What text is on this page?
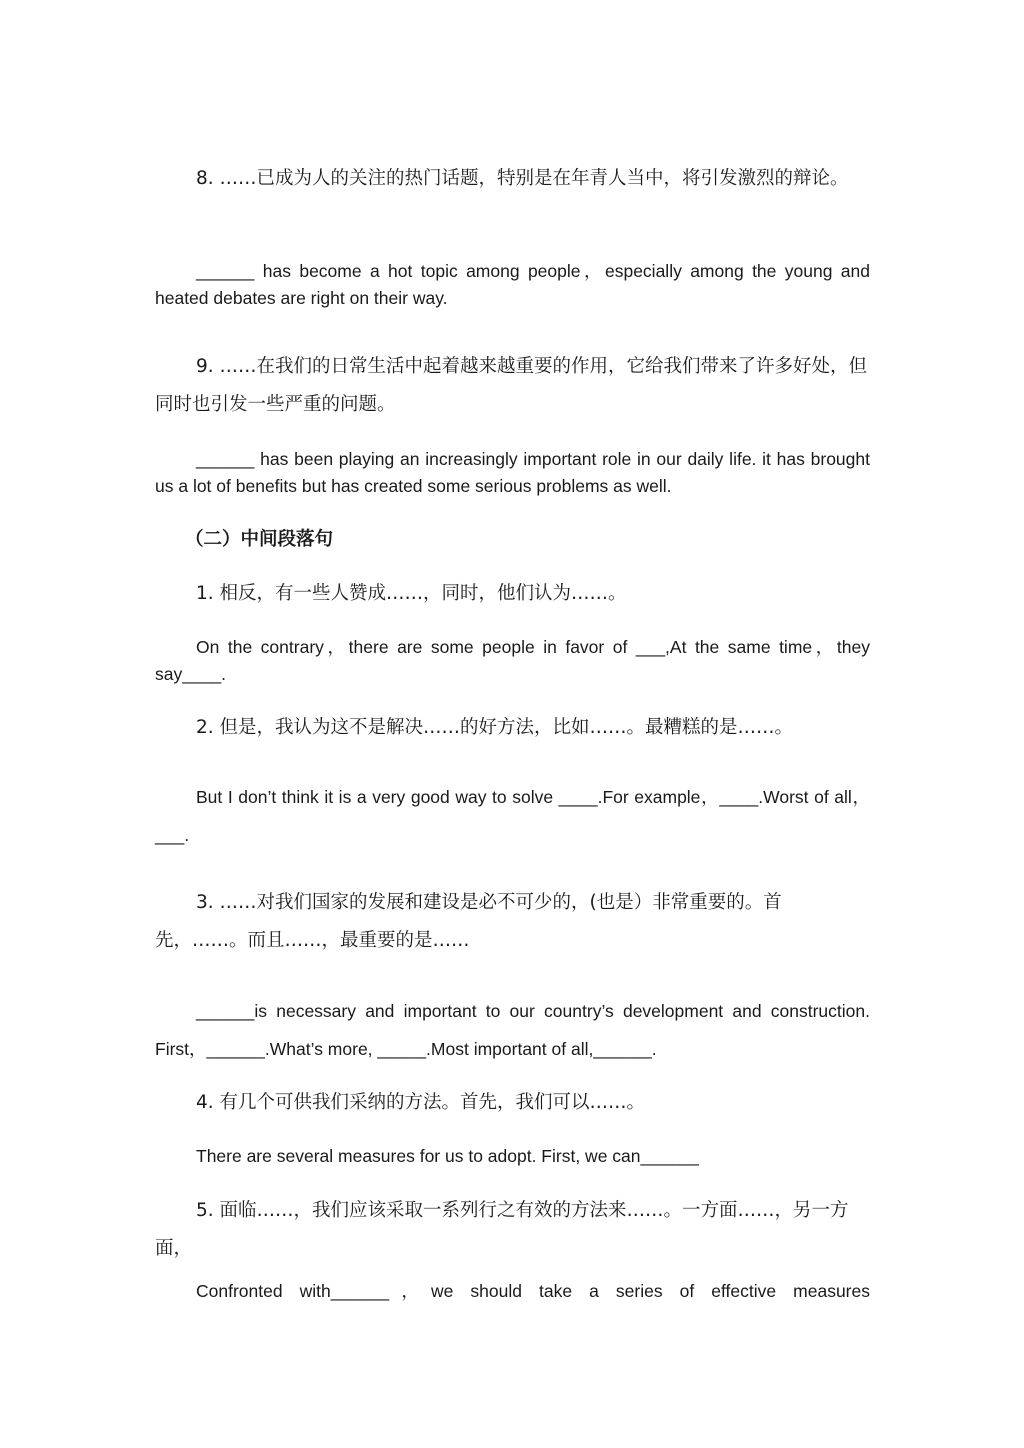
8. ……已成为人的关注的热门话题，特别是在年青人当中，将引发激烈的辩论。

______ has become a hot topic among people，especially among the young and heated debates are right on their way.

9. ……在我们的日常生活中起着越来越重要的作用，它给我们带来了许多好处，但同时也引发一些严重的问题。

______ has been playing an increasingly important role in our daily life. it has brought us a lot of benefits but has created some serious problems as well.

（二）中间段落句

1. 相反，有一些人赞成……，同时，他们认为……。

On the contrary，there are some people in favor of ___,At the same time，they say____.

2. 但是，我认为这不是解决……的好方法，比如……。最糟糕的是……。

But I don’t think it is a very good way to solve ____.For example，____.Worst of all，___.

3. ……对我们国家的发展和建设是必不可少的，(也是）非常重要的。首先，……。而且……，最重要的是……

______is necessary and important to our country’s development and construction. First，______.What’s more, _____.Most important of all,______.

4. 有几个可供我们采纳的方法。首先，我们可以……。

There are several measures for us to adopt. First, we can______

5. 面临……，我们应该采取一系列行之有效的方法来……。一方面……，另一方面，

Confronted with______，we should take a series of effective measures
